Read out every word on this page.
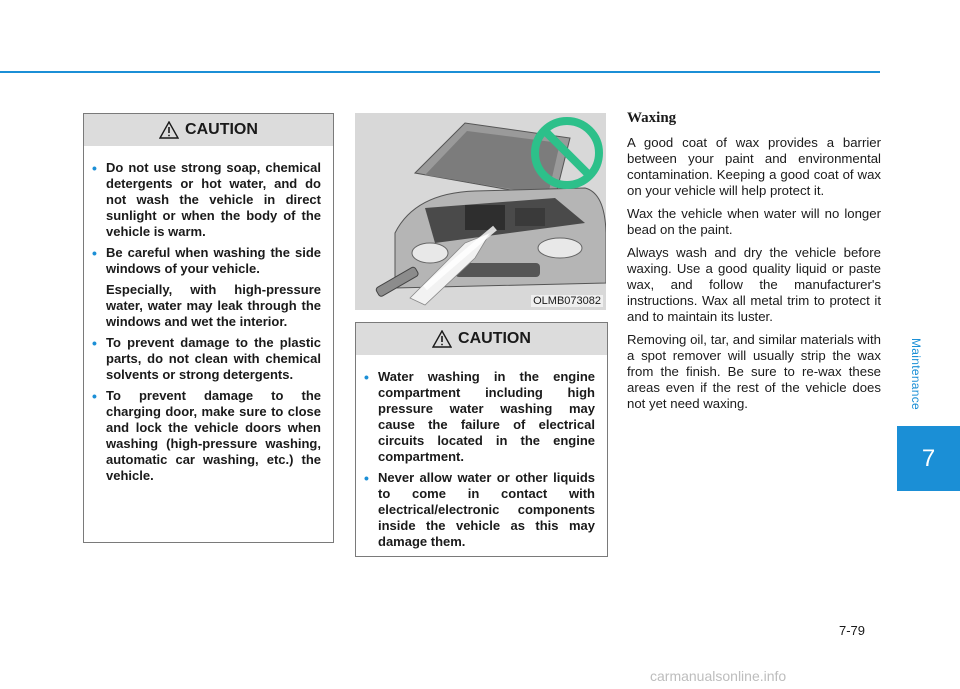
CAUTION
• Do not use strong soap, chemical detergents or hot water, and do not wash the vehicle in direct sunlight or when the body of the vehicle is warm.

• Be careful when washing the side windows of your vehicle.

Especially, with high-pressure water, water may leak through the windows and wet the interior.

• To prevent damage to the plastic parts, do not clean with chemical solvents or strong detergents.

• To prevent damage to the charging door, make sure to close and lock the vehicle doors when washing (high-pressure washing, automatic car washing, etc.) the vehicle.

OLMB073082
CAUTION
• Water washing in the engine compartment including high pressure water washing may cause the failure of electrical circuits located in the engine compartment.

• Never allow water or other liquids to come in contact with electrical/electronic components inside the vehicle as this may damage them.

Waxing

A good coat of wax provides a barrier between your paint and environmental contamination. Keeping a good coat of wax on your vehicle will help protect it.

Wax the vehicle when water will no longer bead on the paint.

Always wash and dry the vehicle before waxing. Use a good quality liquid or paste wax, and follow the manufacturer's instructions. Wax all metal trim to protect it and to maintain its luster.

Removing oil, tar, and similar materials with a spot remover will usually strip the wax from the finish. Be sure to re-wax these areas even if the rest of the vehicle does not yet need waxing.	Maintenance
7
7-79
carmanualsonline.info
